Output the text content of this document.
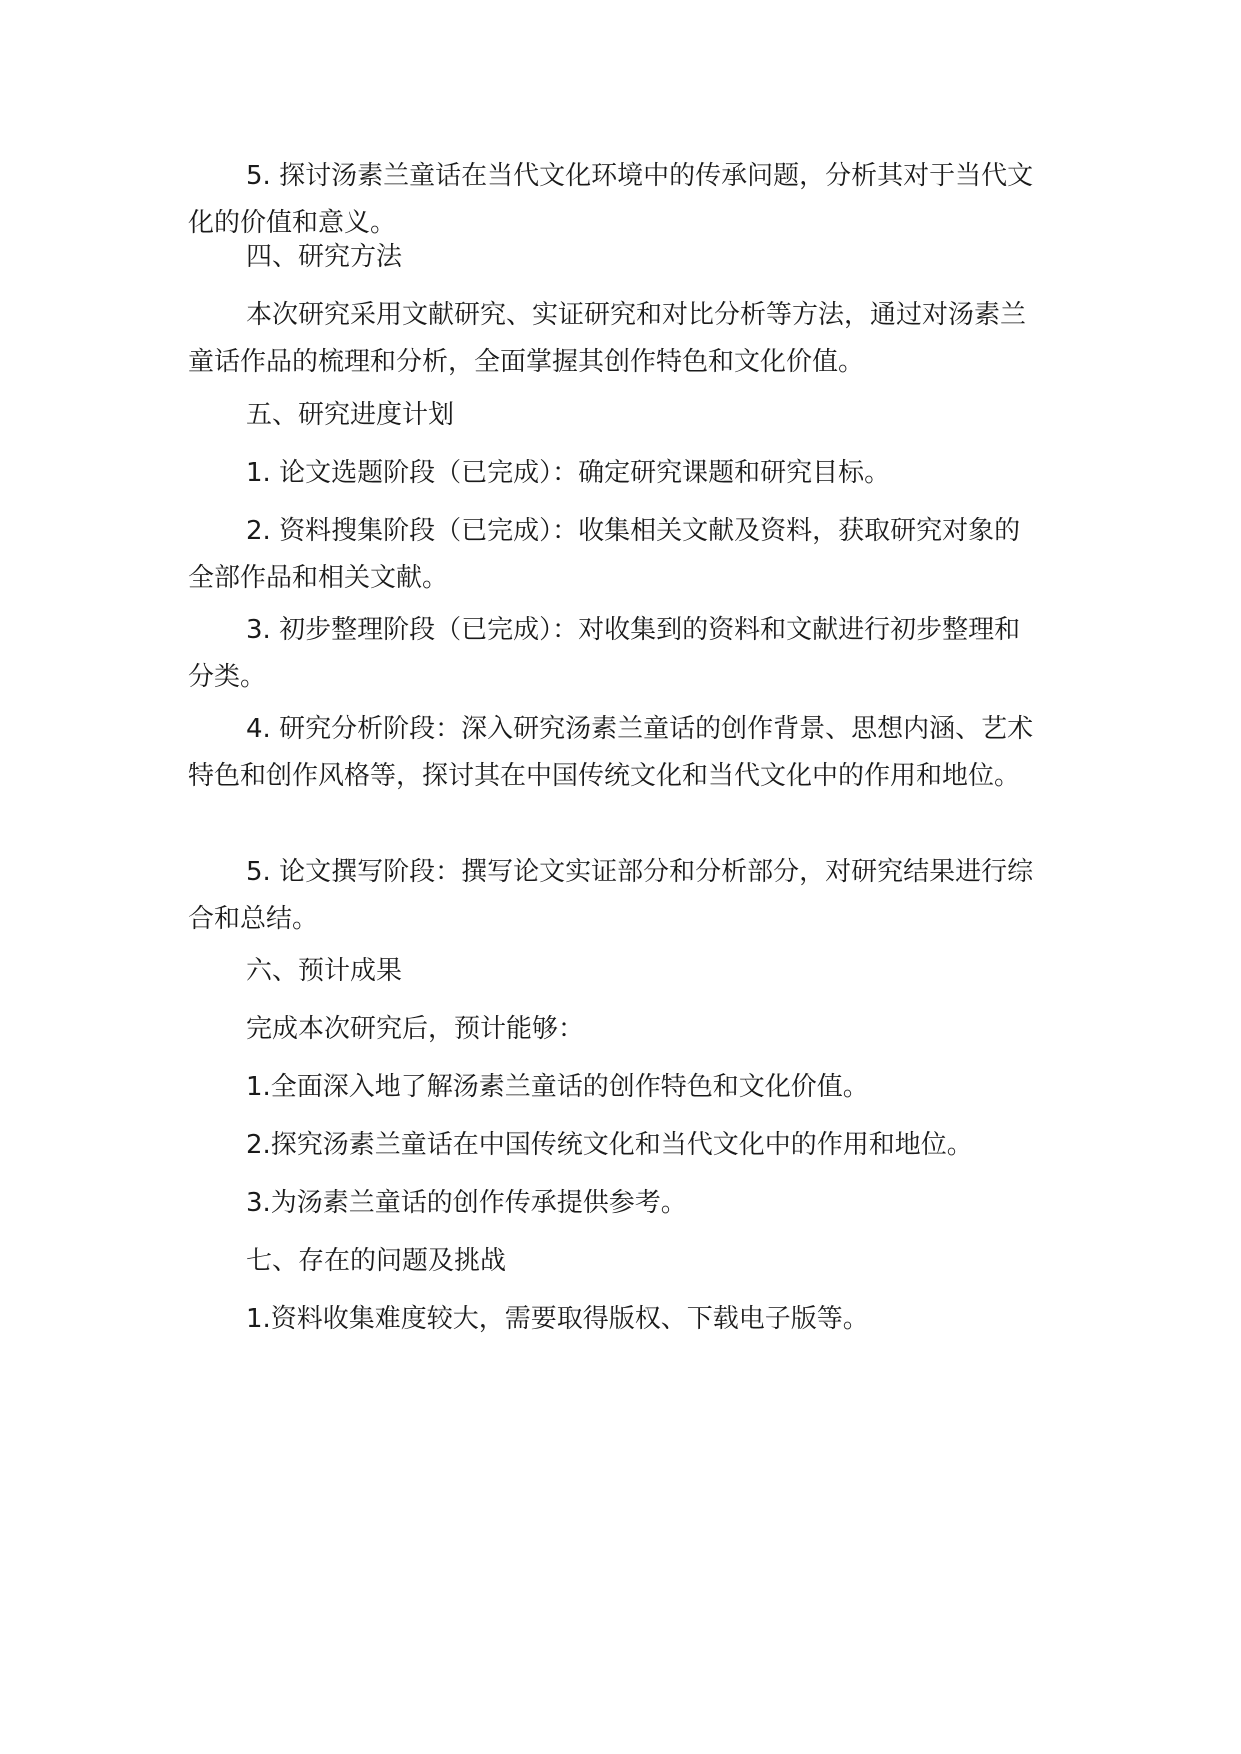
5. 探讨汤素兰童话在当代文化环境中的传承问题，分析其对于当代文化的价值和意义。

四、研究方法

本次研究采用文献研究、实证研究和对比分析等方法，通过对汤素兰童话作品的梳理和分析，全面掌握其创作特色和文化价值。

五、研究进度计划

1. 论文选题阶段（已完成）：确定研究课题和研究目标。

2. 资料搜集阶段（已完成）：收集相关文献及资料，获取研究对象的全部作品和相关文献。

3. 初步整理阶段（已完成）：对收集到的资料和文献进行初步整理和分类。

4. 研究分析阶段：深入研究汤素兰童话的创作背景、思想内涵、艺术特色和创作风格等，探讨其在中国传统文化和当代文化中的作用和地位。

5. 论文撰写阶段：撰写论文实证部分和分析部分，对研究结果进行综合和总结。

六、预计成果

完成本次研究后，预计能够：

1.全面深入地了解汤素兰童话的创作特色和文化价值。

2.探究汤素兰童话在中国传统文化和当代文化中的作用和地位。

3.为汤素兰童话的创作传承提供参考。

七、存在的问题及挑战

1.资料收集难度较大，需要取得版权、下载电子版等。
